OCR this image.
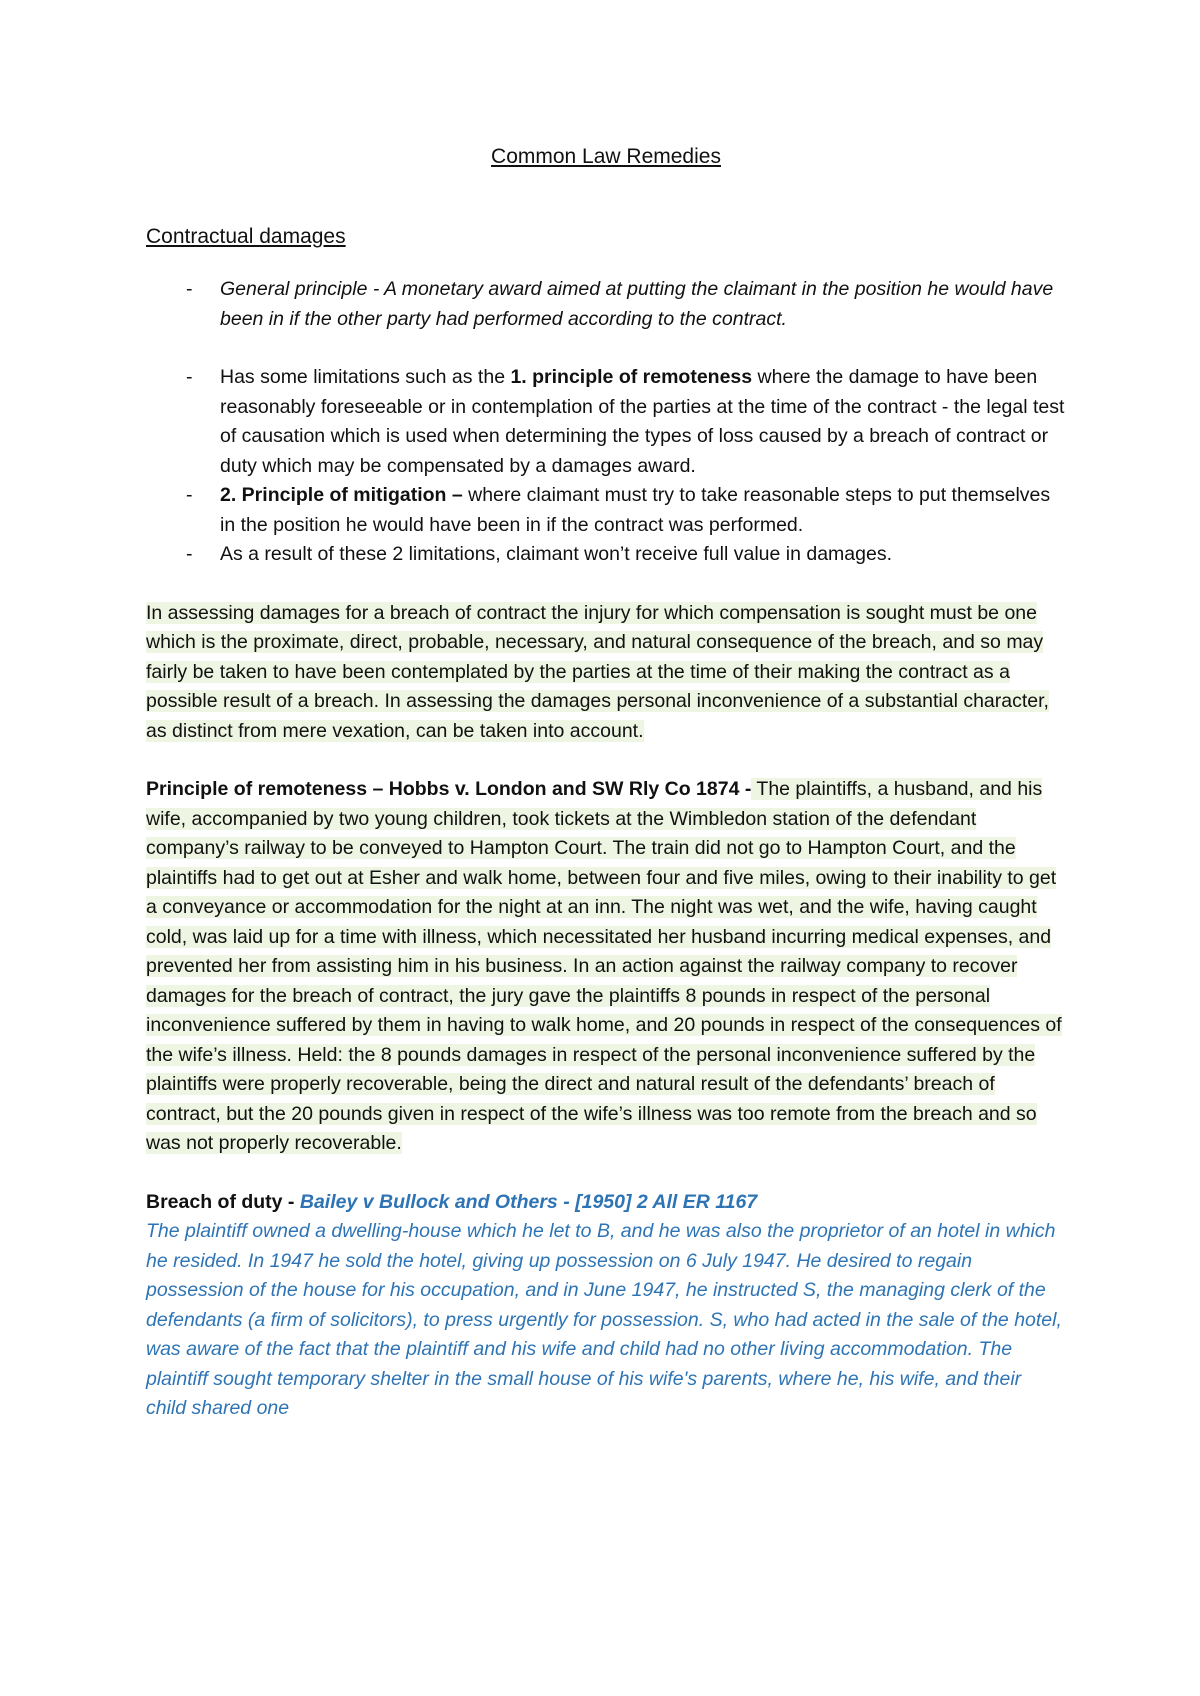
Common Law Remedies
Contractual damages
- General principle - A monetary award aimed at putting the claimant in the position he would have been in if the other party had performed according to the contract.
- Has some limitations such as the 1. principle of remoteness where the damage to have been reasonably foreseeable or in contemplation of the parties at the time of the contract - the legal test of causation which is used when determining the types of loss caused by a breach of contract or duty which may be compensated by a damages award.
- 2. Principle of mitigation – where claimant must try to take reasonable steps to put themselves in the position he would have been in if the contract was performed.
- As a result of these 2 limitations, claimant won’t receive full value in damages.

In assessing damages for a breach of contract the injury for which compensation is sought must be one which is the proximate, direct, probable, necessary, and natural consequence of the breach, and so may fairly be taken to have been contemplated by the parties at the time of their making the contract as a possible result of a breach. In assessing the damages personal inconvenience of a substantial character, as distinct from mere vexation, can be taken into account.

Principle of remoteness – Hobbs v. London and SW Rly Co 1874 - The plaintiffs, a husband, and his wife, accompanied by two young children, took tickets at the Wimbledon station of the defendant company’s railway to be conveyed to Hampton Court. The train did not go to Hampton Court, and the plaintiffs had to get out at Esher and walk home, between four and five miles, owing to their inability to get a conveyance or accommodation for the night at an inn. The night was wet, and the wife, having caught cold, was laid up for a time with illness, which necessitated her husband incurring medical expenses, and prevented her from assisting him in his business. In an action against the railway company to recover damages for the breach of contract, the jury gave the plaintiffs 8 pounds in respect of the personal inconvenience suffered by them in having to walk home, and 20 pounds in respect of the consequences of the wife’s illness. Held: the 8 pounds damages in respect of the personal inconvenience suffered by the plaintiffs were properly recoverable, being the direct and natural result of the defendants’ breach of contract, but the 20 pounds given in respect of the wife’s illness was too remote from the breach and so was not properly recoverable.

Breach of duty - Bailey v Bullock and Others - [1950] 2 All ER 1167
The plaintiff owned a dwelling-house which he let to B, and he was also the proprietor of an hotel in which he resided. In 1947 he sold the hotel, giving up possession on 6 July 1947. He desired to regain possession of the house for his occupation, and in June 1947, he instructed S, the managing clerk of the defendants (a firm of solicitors), to press urgently for possession. S, who had acted in the sale of the hotel, was aware of the fact that the plaintiff and his wife and child had no other living accommodation. The plaintiff sought temporary shelter in the small house of his wife's parents, where he, his wife, and their child shared one
